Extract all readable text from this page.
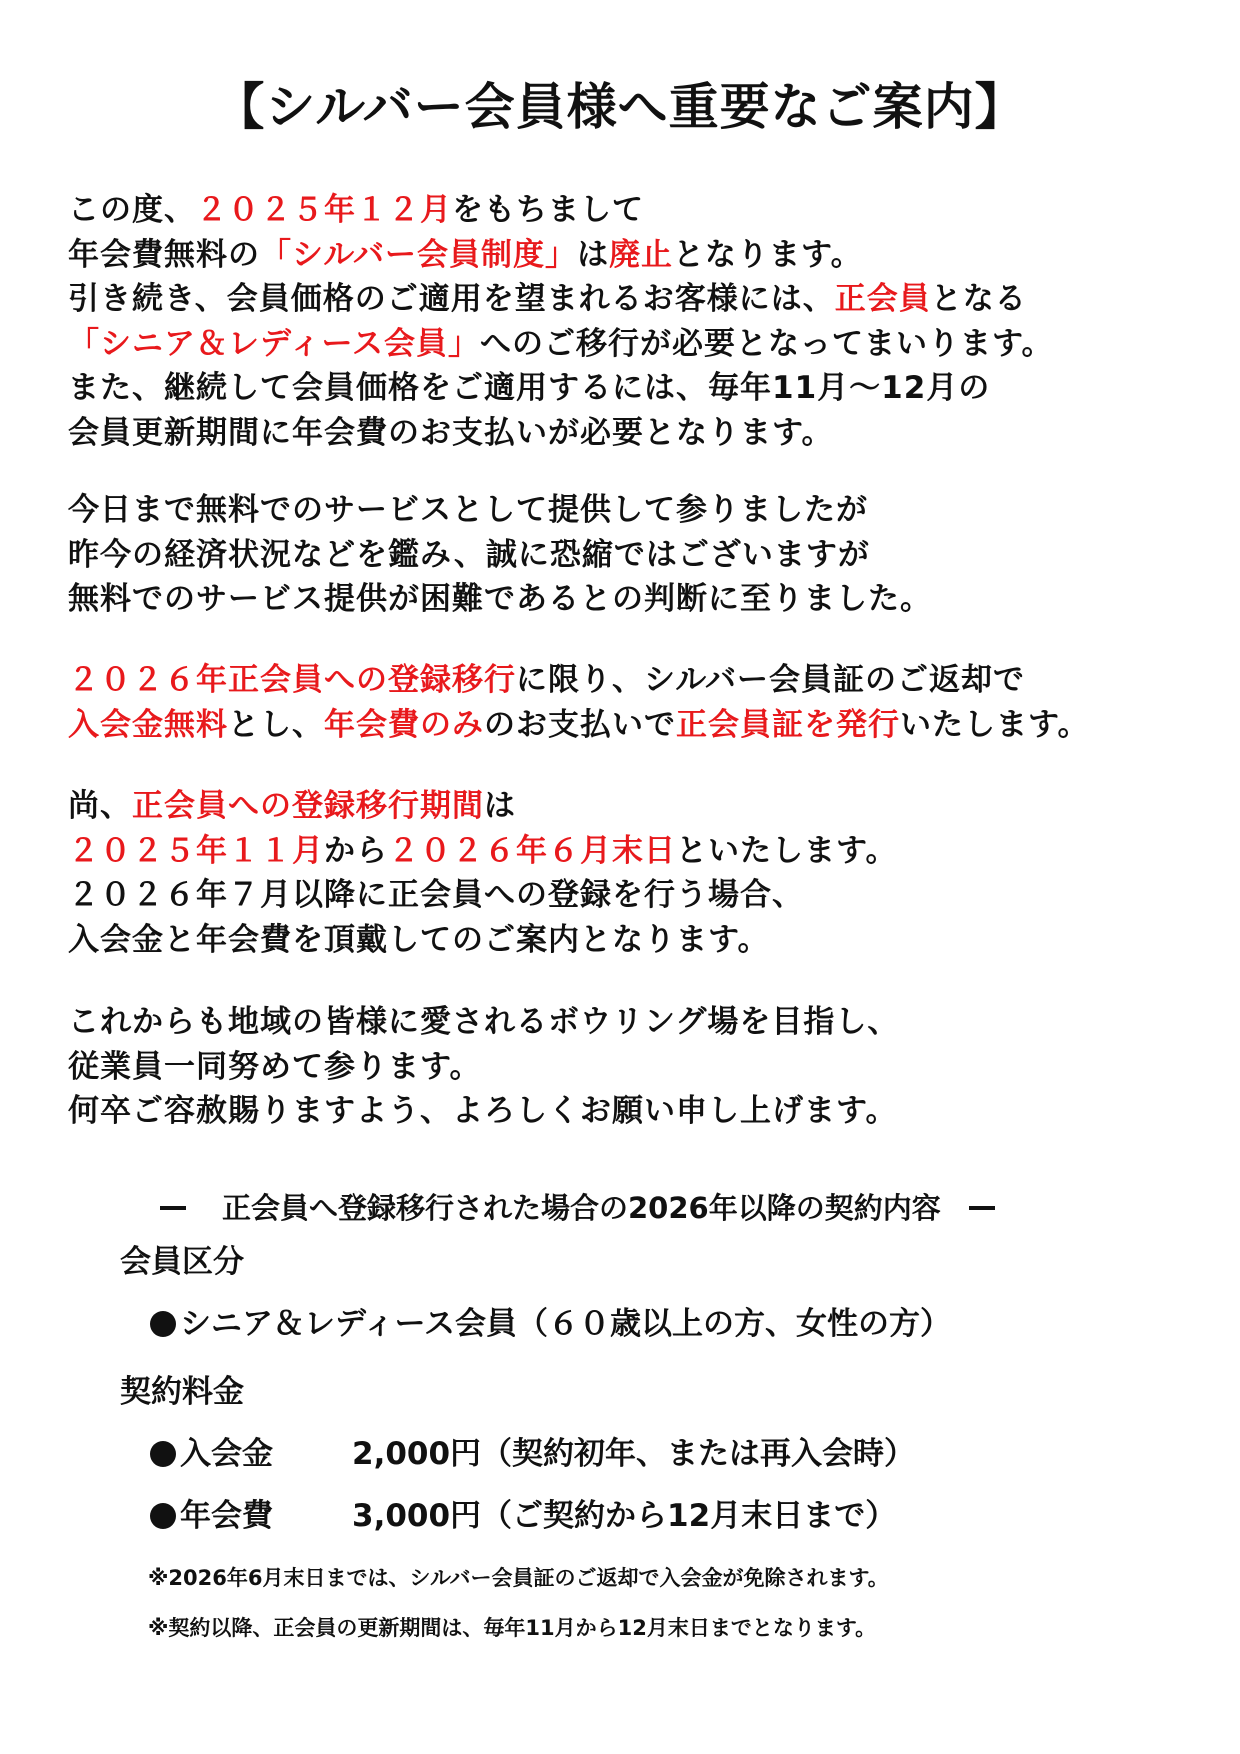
【シルバー会員様へ重要なご案内】

この度、２０２５年１２月をもちまして
年会費無料の「シルバー会員制度」は廃止となります。
引き続き、会員価格のご適用を望まれるお客様には、正会員となる
「シニア＆レディース会員」へのご移行が必要となってまいります。
また、継続して会員価格をご適用するには、毎年11月～12月の
会員更新期間に年会費のお支払いが必要となります。

今日まで無料でのサービスとして提供して参りましたが
昨今の経済状況などを鑑み、誠に恐縮ではございますが
無料でのサービス提供が困難であるとの判断に至りました。

２０２６年正会員への登録移行に限り、シルバー会員証のご返却で
入会金無料とし、年会費のみのお支払いで正会員証を発行いたします。

尚、正会員への登録移行期間は
２０２５年１１月から２０２６年６月末日といたします。
２０２６年７月以降に正会員への登録を行う場合、
入会金と年会費を頂戴してのご案内となります。

これからも地域の皆様に愛されるボウリング場を目指し、
従業員一同努めて参ります。
何卒ご容赦賜りますよう、よろしくお願い申し上げます。

正会員へ登録移行された場合の2026年以降の契約内容

会員区分

シニア＆レディース会員（６０歳以上の方、女性の方）

契約料金

入会金	2,000円（契約初年、または再入会時）
年会費	3,000円（ご契約から12月末日まで）

※2026年6月末日までは、シルバー会員証のご返却で入会金が免除されます。

※契約以降、正会員の更新期間は、毎年11月から12月末日までとなります。
